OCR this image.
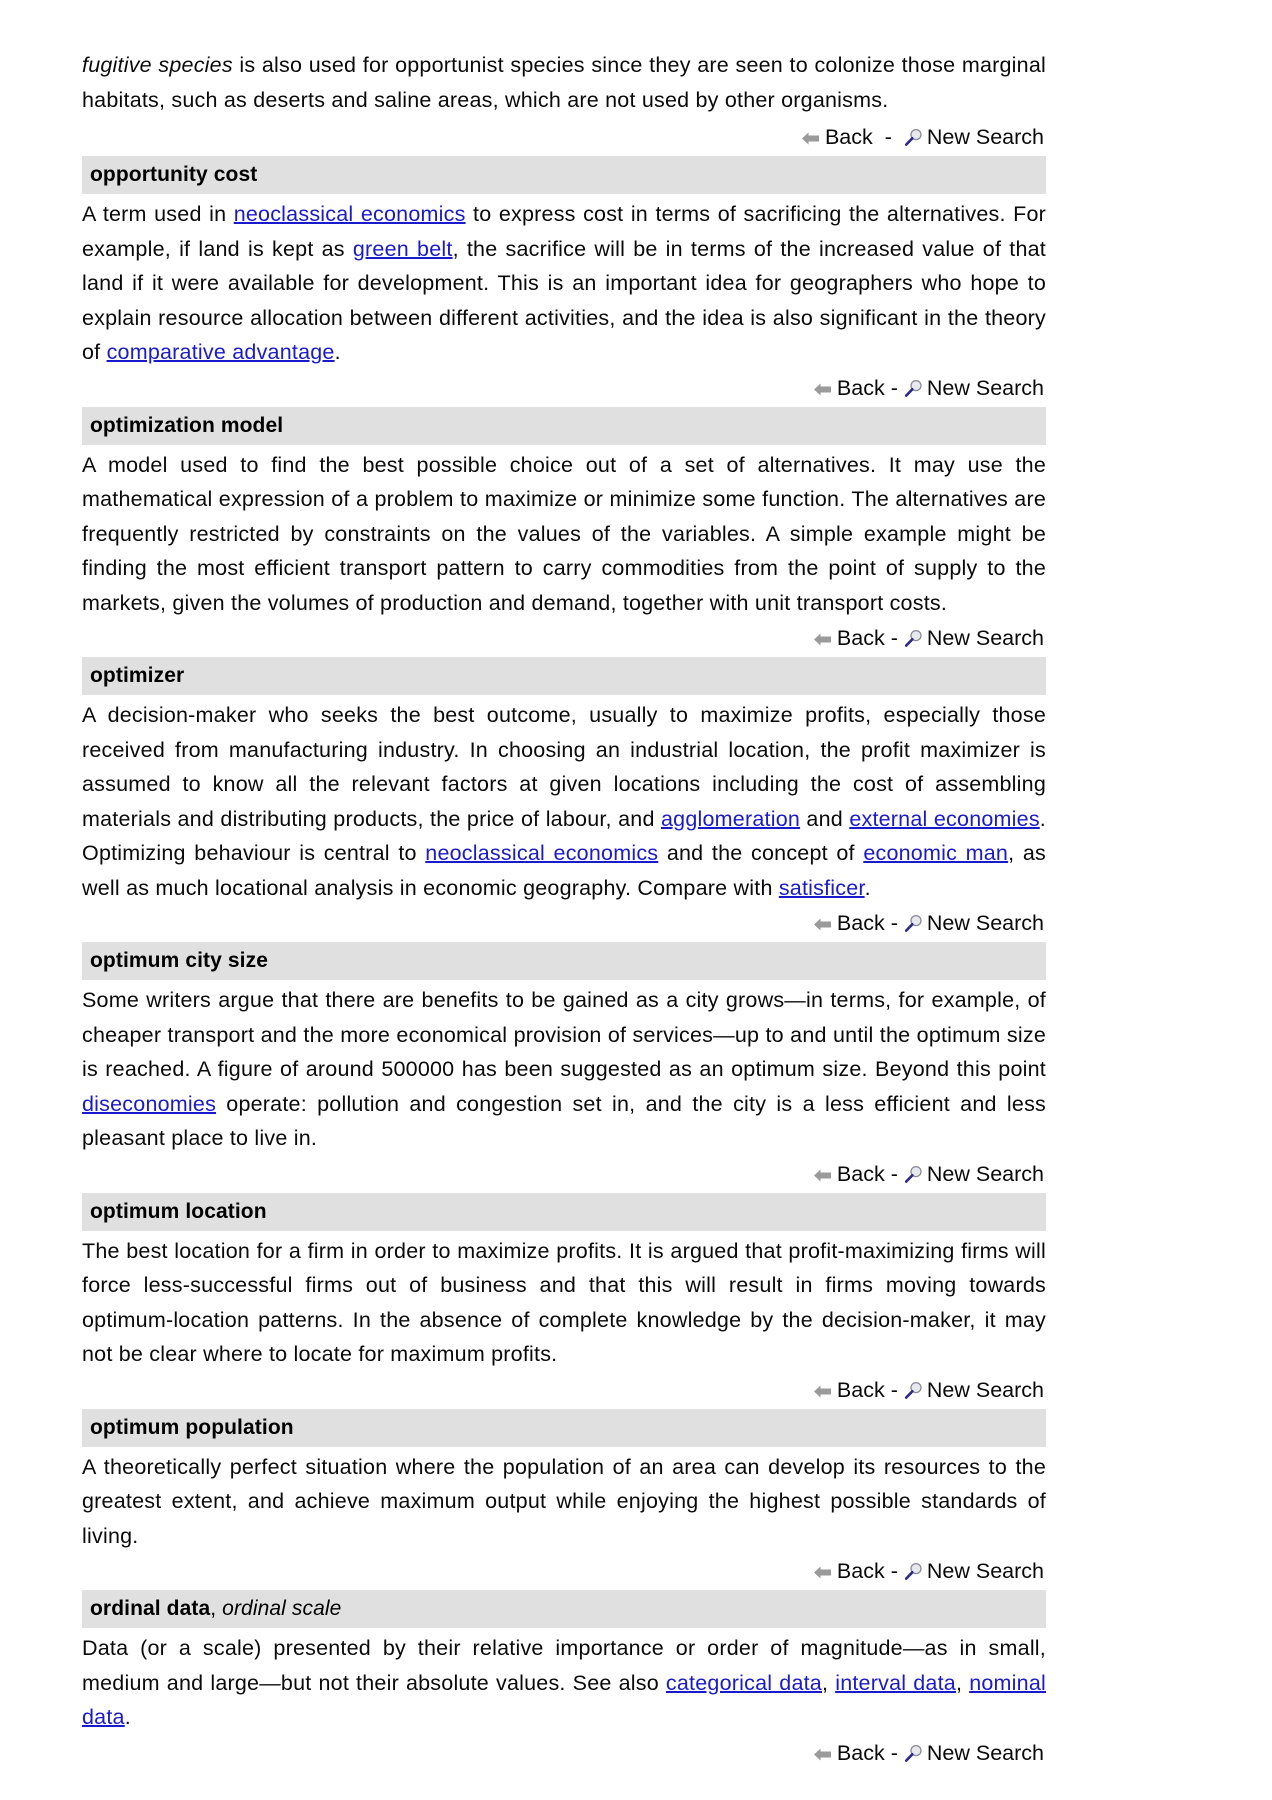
fugitive species is also used for opportunist species since they are seen to colonize those marginal habitats, such as deserts and saline areas, which are not used by other organisms.

Back - New Search
opportunity cost

A term used in neoclassical economics to express cost in terms of sacrificing the alternatives. For example, if land is kept as green belt, the sacrifice will be in terms of the increased value of that land if it were available for development. This is an important idea for geographers who hope to explain resource allocation between different activities, and the idea is also significant in the theory of comparative advantage.

Back - New Search
optimization model

A model used to find the best possible choice out of a set of alternatives. It may use the mathematical expression of a problem to maximize or minimize some function. The alternatives are frequently restricted by constraints on the values of the variables. A simple example might be finding the most efficient transport pattern to carry commodities from the point of supply to the markets, given the volumes of production and demand, together with unit transport costs.

Back - New Search
optimizer

A decision-maker who seeks the best outcome, usually to maximize profits, especially those received from manufacturing industry. In choosing an industrial location, the profit maximizer is assumed to know all the relevant factors at given locations including the cost of assembling materials and distributing products, the price of labour, and agglomeration and external economies. Optimizing behaviour is central to neoclassical economics and the concept of economic man, as well as much locational analysis in economic geography. Compare with satisficer.

Back - New Search
optimum city size

Some writers argue that there are benefits to be gained as a city grows—in terms, for example, of cheaper transport and the more economical provision of services—up to and until the optimum size is reached. A figure of around 500000 has been suggested as an optimum size. Beyond this point diseconomies operate: pollution and congestion set in, and the city is a less efficient and less pleasant place to live in.

Back - New Search
optimum location

The best location for a firm in order to maximize profits. It is argued that profit-maximizing firms will force less-successful firms out of business and that this will result in firms moving towards optimum-location patterns. In the absence of complete knowledge by the decision-maker, it may not be clear where to locate for maximum profits.

Back - New Search
optimum population

A theoretically perfect situation where the population of an area can develop its resources to the greatest extent, and achieve maximum output while enjoying the highest possible standards of living.

Back - New Search
ordinal data, ordinal scale

Data (or a scale) presented by their relative importance or order of magnitude—as in small, medium and large—but not their absolute values. See also categorical data, interval data, nominal data.

Back - New Search
